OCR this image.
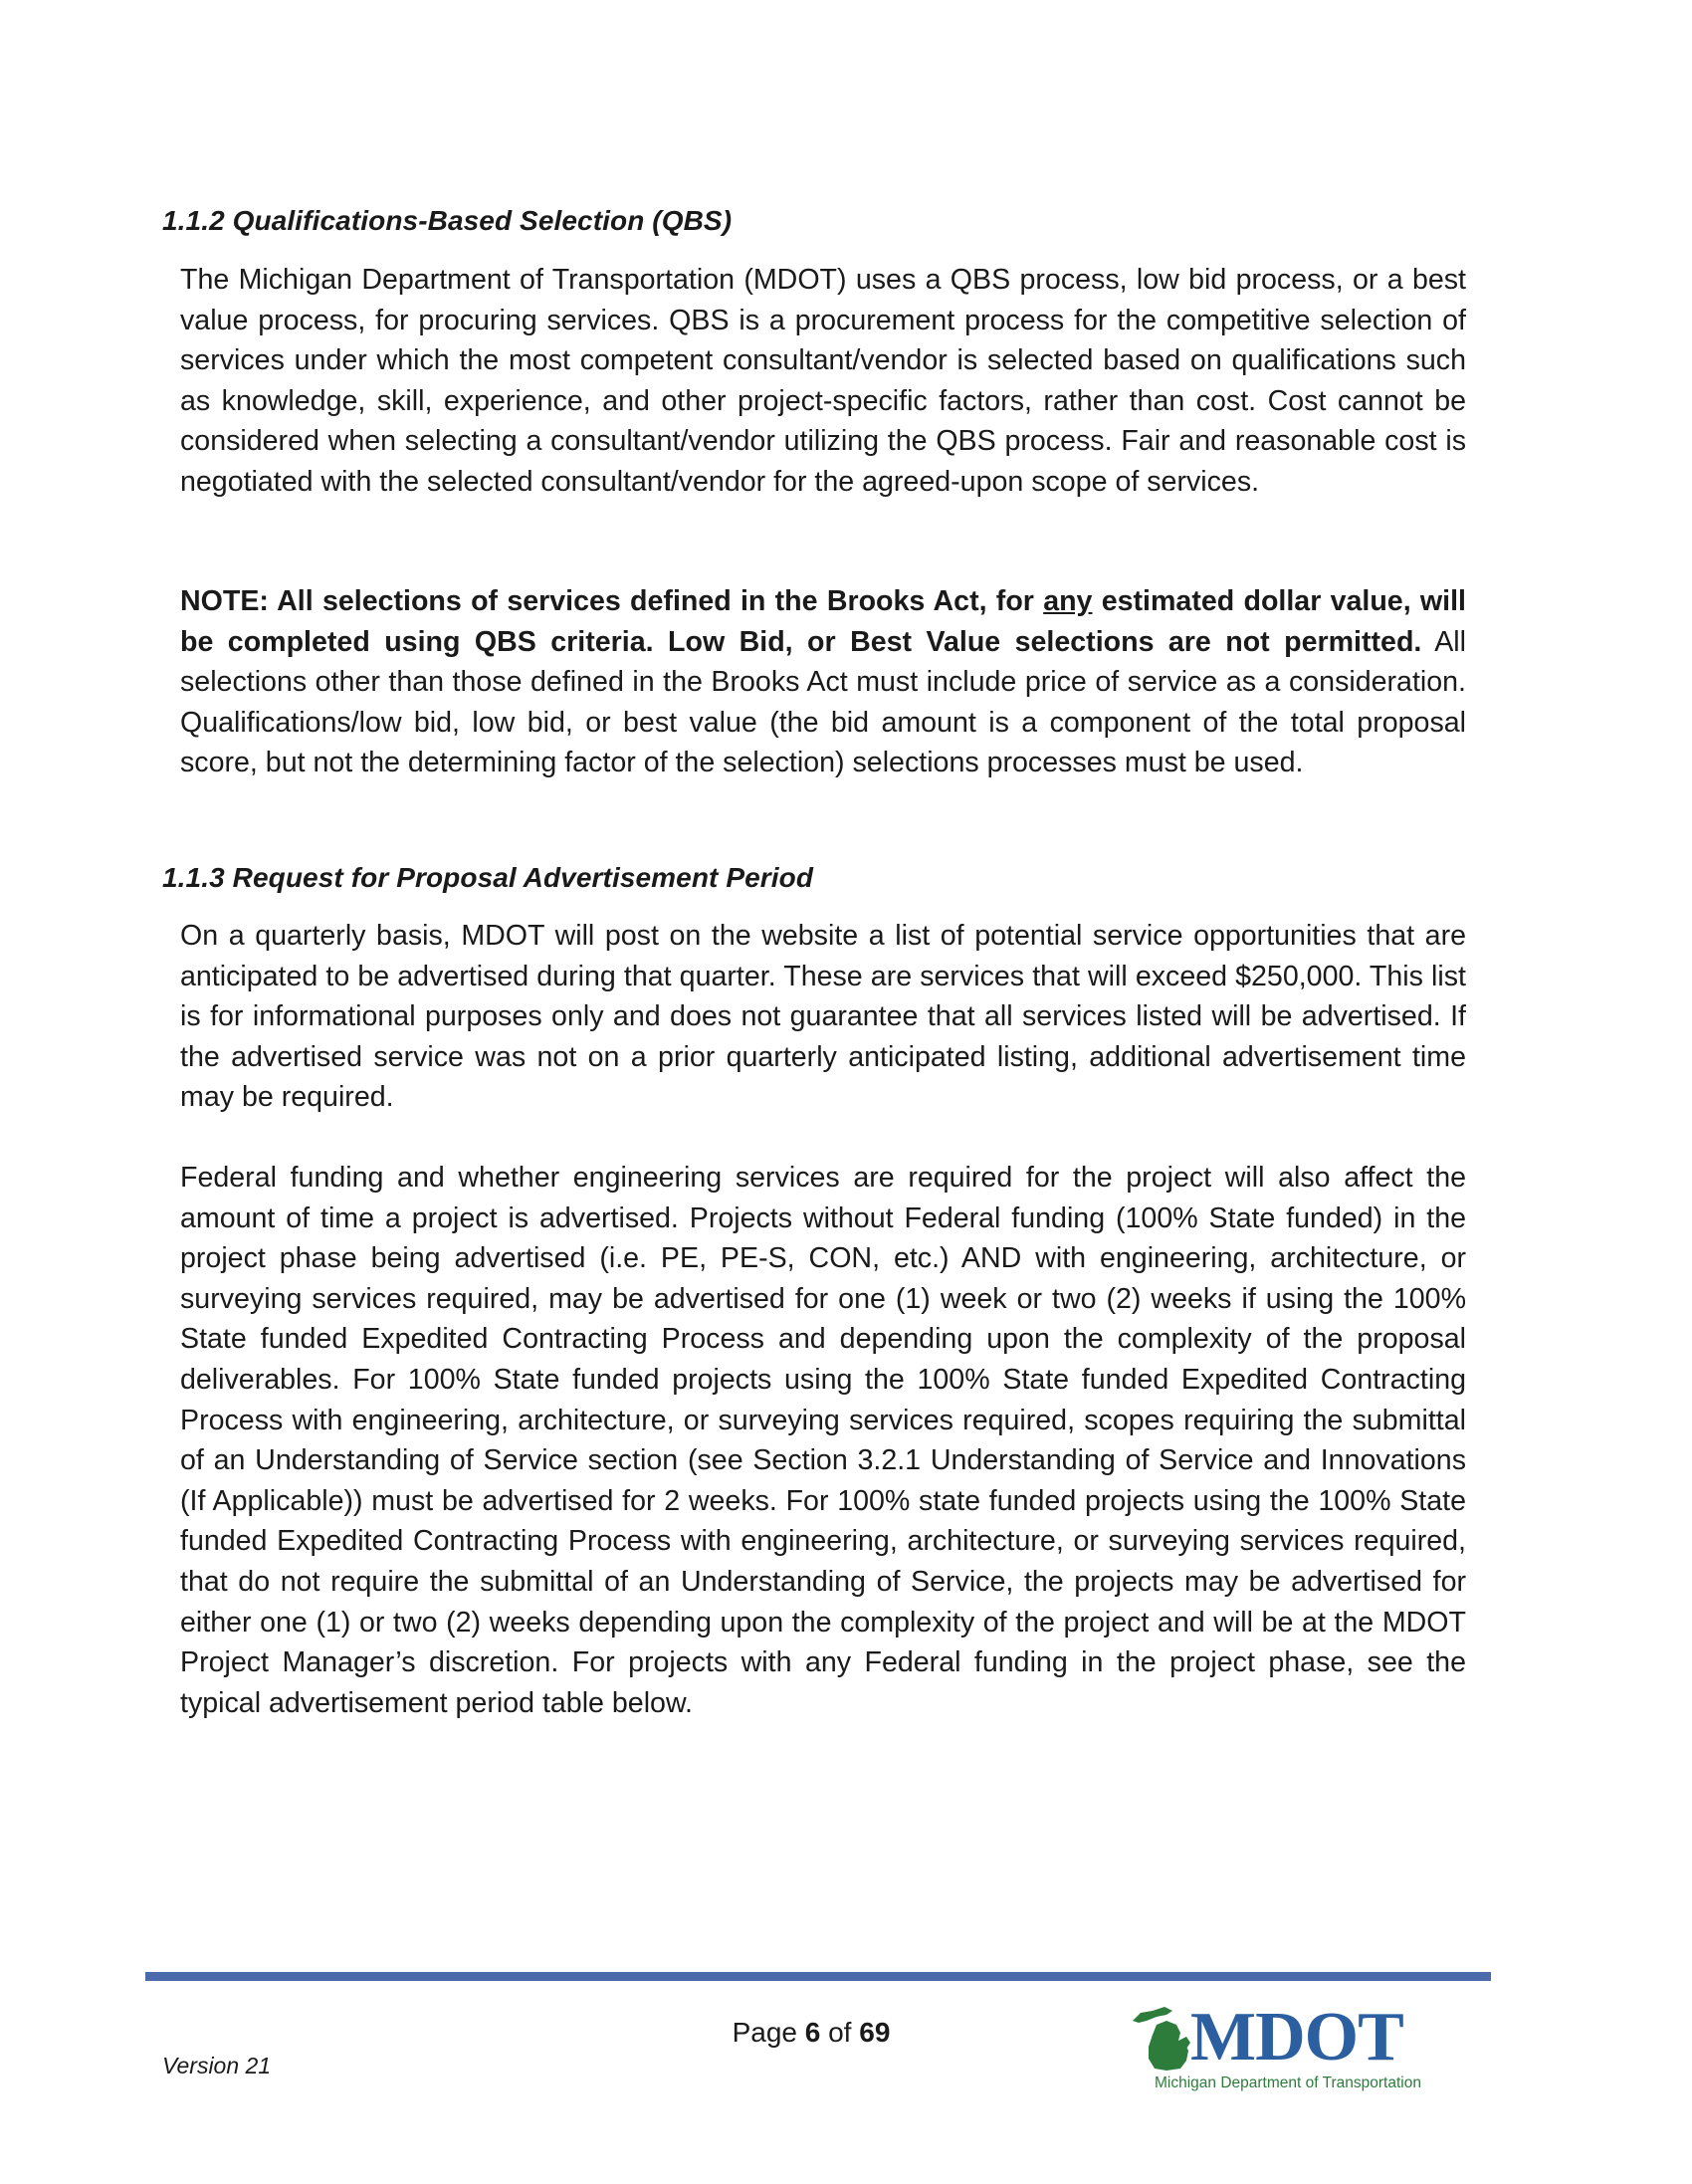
1.1.2 Qualifications-Based Selection (QBS)

The Michigan Department of Transportation (MDOT) uses a QBS process, low bid process, or a best value process, for procuring services. QBS is a procurement process for the competitive selection of services under which the most competent consultant/vendor is selected based on qualifications such as knowledge, skill, experience, and other project-specific factors, rather than cost. Cost cannot be considered when selecting a consultant/vendor utilizing the QBS process. Fair and reasonable cost is negotiated with the selected consultant/vendor for the agreed-upon scope of services.

NOTE: All selections of services defined in the Brooks Act, for any estimated dollar value, will be completed using QBS criteria. Low Bid, or Best Value selections are not permitted. All selections other than those defined in the Brooks Act must include price of service as a consideration. Qualifications/low bid, low bid, or best value (the bid amount is a component of the total proposal score, but not the determining factor of the selection) selections processes must be used.

1.1.3 Request for Proposal Advertisement Period

On a quarterly basis, MDOT will post on the website a list of potential service opportunities that are anticipated to be advertised during that quarter. These are services that will exceed $250,000. This list is for informational purposes only and does not guarantee that all services listed will be advertised. If the advertised service was not on a prior quarterly anticipated listing, additional advertisement time may be required.

Federal funding and whether engineering services are required for the project will also affect the amount of time a project is advertised. Projects without Federal funding (100% State funded) in the project phase being advertised (i.e. PE, PE-S, CON, etc.) AND with engineering, architecture, or surveying services required, may be advertised for one (1) week or two (2) weeks if using the 100% State funded Expedited Contracting Process and depending upon the complexity of the proposal deliverables. For 100% State funded projects using the 100% State funded Expedited Contracting Process with engineering, architecture, or surveying services required, scopes requiring the submittal of an Understanding of Service section (see Section 3.2.1 Understanding of Service and Innovations (If Applicable)) must be advertised for 2 weeks. For 100% state funded projects using the 100% State funded Expedited Contracting Process with engineering, architecture, or surveying services required, that do not require the submittal of an Understanding of Service, the projects may be advertised for either one (1) or two (2) weeks depending upon the complexity of the project and will be at the MDOT Project Manager’s discretion. For projects with any Federal funding in the project phase, see the typical advertisement period table below.

Page 6 of 69
Version 21	MDOT
Michigan Department of Transportation
